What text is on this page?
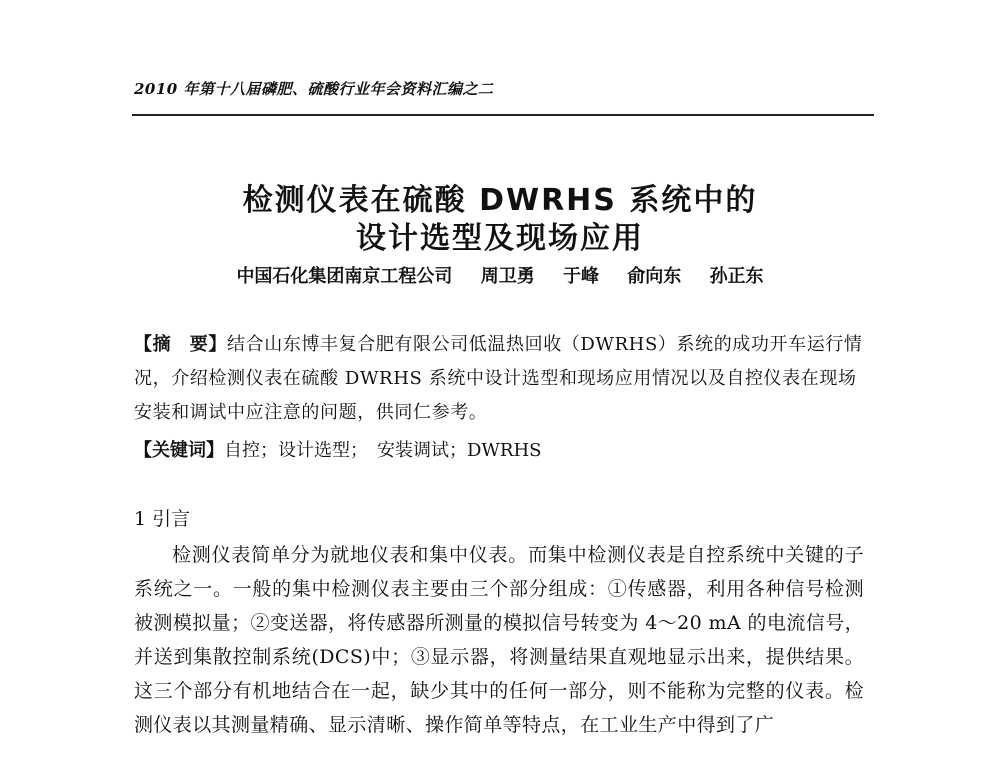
2010 年第十八届磷肥、硫酸行业年会资料汇编之二
检测仪表在硫酸 DWRHS 系统中的
设计选型及现场应用
中国石化集团南京工程公司 周卫勇 于峰 俞向东 孙正东
【摘　要】结合山东博丰复合肥有限公司低温热回收（DWRHS）系统的成功开车运行情况，介绍检测仪表在硫酸 DWRHS 系统中设计选型和现场应用情况以及自控仪表在现场安装和调试中应注意的问题，供同仁参考。
【关键词】自控；设计选型；　安装调试；DWRHS
1 引言
检测仪表简单分为就地仪表和集中仪表。而集中检测仪表是自控系统中关键的子系统之一。一般的集中检测仪表主要由三个部分组成：①传感器，利用各种信号检测被测模拟量；②变送器，将传感器所测量的模拟信号转变为 4～20 mA 的电流信号，并送到集散控制系统(DCS)中；③显示器，将测量结果直观地显示出来，提供结果。这三个部分有机地结合在一起，缺少其中的任何一部分，则不能称为完整的仪表。检测仪表以其测量精确、显示清晰、操作简单等特点，在工业生产中得到了广
